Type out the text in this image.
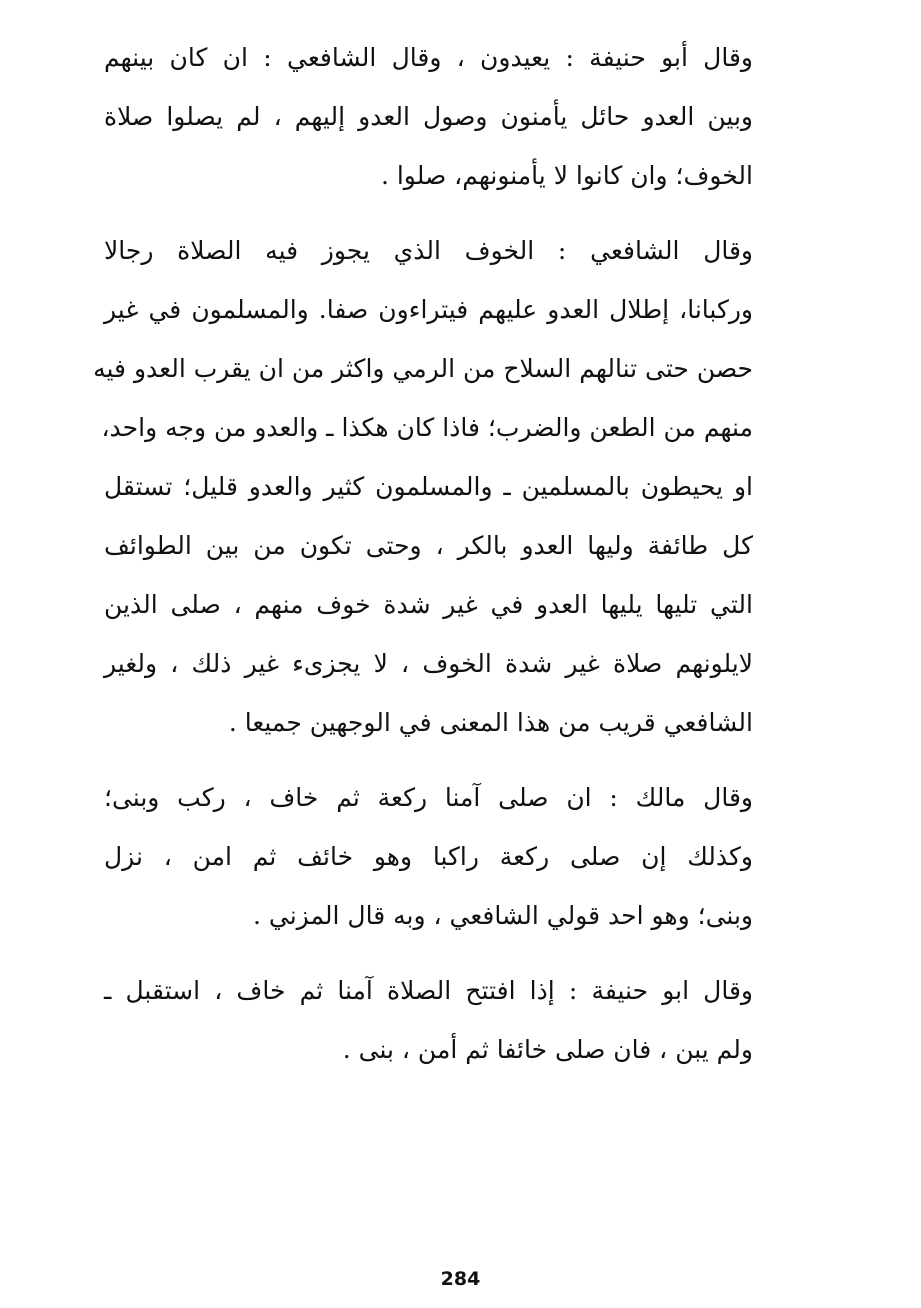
وقال أبو حنيفة : يعيدون ، وقال الشافعي : ان كان بينهم
وبين العدو حائل يأمنون وصول العدو إليهم ، لم يصلوا صلاة
الخوف؛ وان كانوا لا يأمنونهم، صلوا .
وقال الشافعي : الخوف الذي يجوز فيه الصلاة رجالا
وركبانا، إطلال العدو عليهم فيتراءون صفا. والمسلمون في غير
حصن حتى تنالهم السلاح من الرمي واكثر من ان يقرب العدو فيه
منهم من الطعن والضرب؛ فاذا كان هكذا ـ والعدو من وجه واحد،
او يحيطون بالمسلمين ـ والمسلمون كثير والعدو قليل؛ تستقل
كل طائفة وليها العدو بالكر ، وحتى تكون من بين الطوائف
التي تليها يليها العدو في غير شدة خوف منهم ، صلى الذين
لايلونهم صلاة غير شدة الخوف ، لا يجزىء غير ذلك ، ولغير
الشافعي قريب من هذا المعنى في الوجهين جميعا .
وقال مالك : ان صلى آمنا ركعة ثم خاف ، ركب وبنى؛
وكذلك إن صلى ركعة راكبا وهو خائف ثم امن ، نزل
وبنى؛ وهو احد قولي الشافعي ، وبه قال المزني .
وقال ابو حنيفة : إذا افتتح الصلاة آمنا ثم خاف ، استقبل ـ
ولم يبن ، فان صلى خائفا ثم أمن ، بنى .
284
